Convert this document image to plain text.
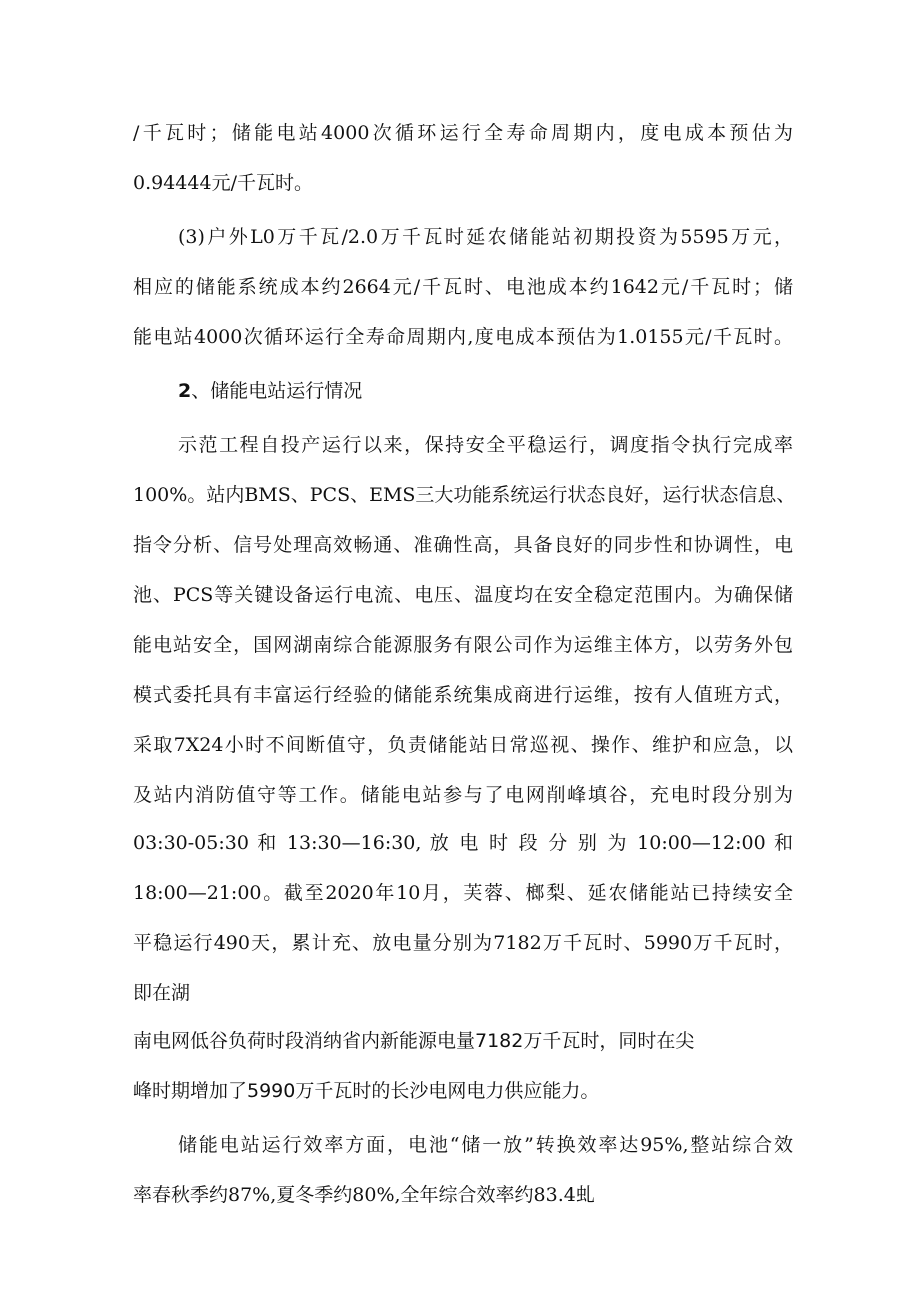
/千瓦时；储能电站4000次循环运行全寿命周期内，度电成本预估为
0.94444元/千瓦时。
(3)户外L0万千瓦/2.0万千瓦时延农储能站初期投资为5595万元，
相应的储能系统成本约2664元/千瓦时、电池成本约1642元/千瓦时；储
能电站4000次循环运行全寿命周期内,度电成本预估为1.0155元/千瓦时。
2、储能电站运行情况
示范工程自投产运行以来，保持安全平稳运行，调度指令执行完成率
100%。站内BMS、PCS、EMS三大功能系统运行状态良好，运行状态信息、
指令分析、信号处理高效畅通、准确性高，具备良好的同步性和协调性，电
池、PCS等关键设备运行电流、电压、温度均在安全稳定范围内。为确保储
能电站安全，国网湖南综合能源服务有限公司作为运维主体方，以劳务外包
模式委托具有丰富运行经验的储能系统集成商进行运维，按有人值班方式，
采取7X24小时不间断值守，负责储能站日常巡视、操作、维护和应急，以
及站内消防值守等工作。储能电站参与了电网削峰填谷，充电时段分别为
03:30-05:30 和 13:30—16:30, 放 电 时 段 分 别 为 10:00—12:00 和
18:00—21:00。截至2020年10月，芙蓉、榔梨、延农储能站已持续安全
平稳运行490天，累计充、放电量分别为7182万千瓦时、5990万千瓦时，
即在湖
南电网低谷负荷时段消纳省内新能源电量7182万千瓦时，同时在尖
峰时期增加了5990万千瓦时的长沙电网电力供应能力。
储能电站运行效率方面，电池“储一放”转换效率达95%,整站综合效
率春秋季约87%,夏冬季约80%,全年综合效率约83.4虬
